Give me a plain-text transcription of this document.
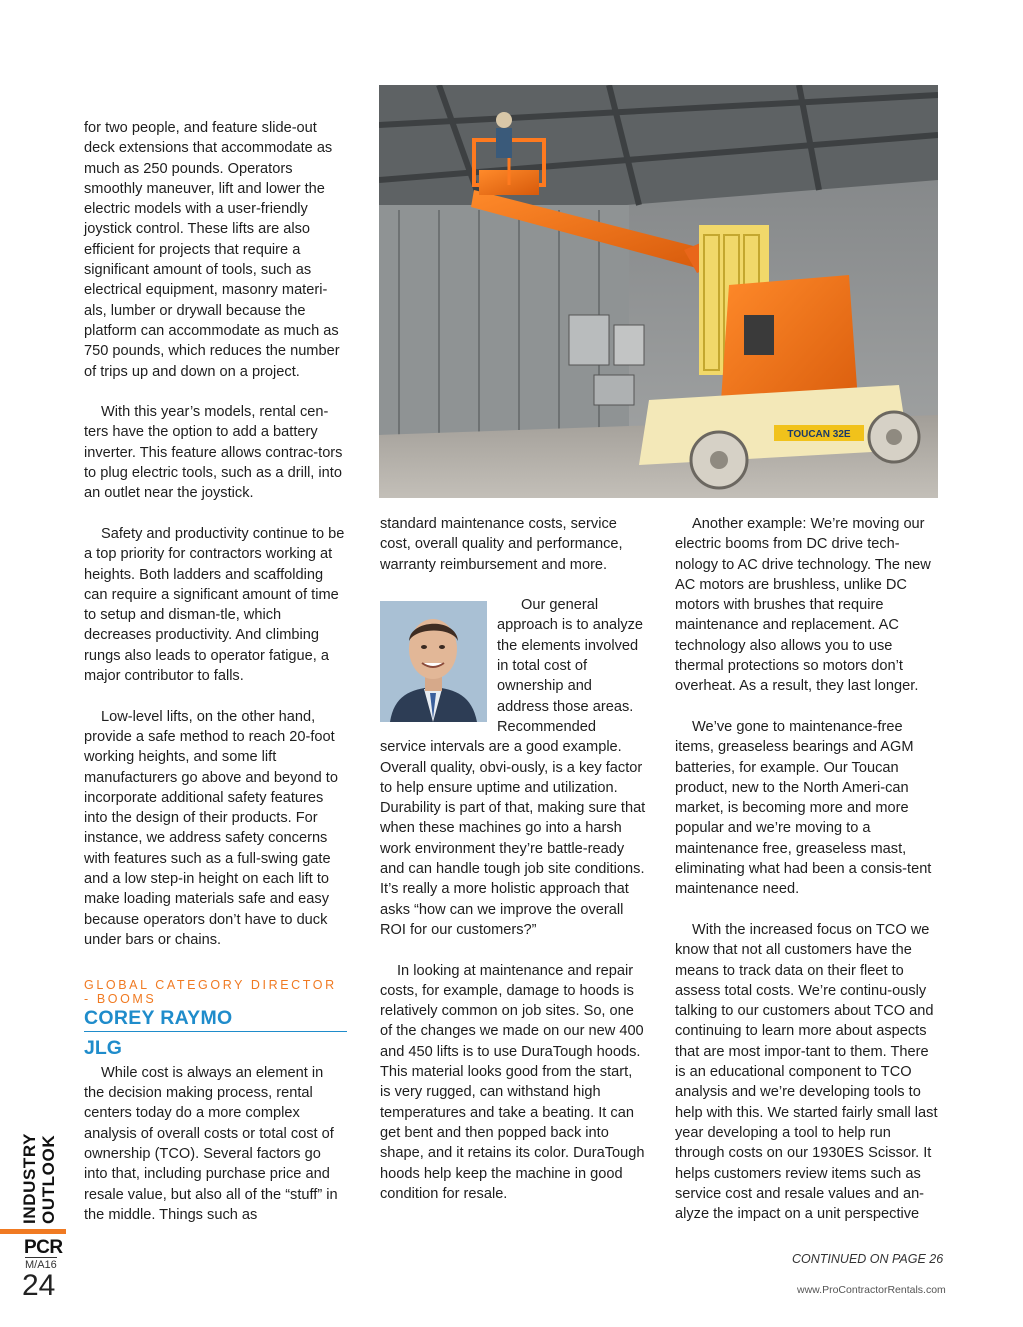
for two people, and feature slide-out deck extensions that accommodate as much as 250 pounds. Operators smoothly maneuver, lift and lower the electric models with a user-friendly joystick control. These lifts are also efficient for projects that require a significant amount of tools, such as electrical equipment, masonry materi-als, lumber or drywall because the platform can accommodate as much as 750 pounds, which reduces the number of trips up and down on a project.

With this year’s models, rental cen-ters have the option to add a battery inverter. This feature allows contrac-tors to plug electric tools, such as a drill, into an outlet near the joystick.

Safety and productivity continue to be a top priority for contractors working at heights. Both ladders and scaffolding can require a significant amount of time to setup and disman-tle, which decreases productivity. And climbing rungs also leads to operator fatigue, a major contributor to falls.

Low-level lifts, on the other hand, provide a safe method to reach 20-foot working heights, and some lift manufacturers go above and beyond to incorporate additional safety features into the design of their products. For instance, we address safety concerns with features such as a full-swing gate and a low step-in height on each lift to make loading materials safe and easy because operators don’t have to duck under bars or chains.

GLOBAL CATEGORY DIRECTOR - BOOMS
COREY RAYMO
JLG

While cost is always an element in the decision making process, rental centers today do a more complex analysis of overall costs or total cost of ownership (TCO). Several factors go into that, including purchase price and resale value, but also all of the “stuff” in the middle. Things such as

TOUCAN 32E

standard maintenance costs, service cost, overall quality and performance, warranty reimbursement and more.

Our general approach is to analyze the elements involved in total cost of ownership and address those areas. Recommended service intervals are a good example. Overall quality, obvi-ously, is a key factor to help ensure uptime and utilization. Durability is part of that, making sure that when these machines go into a harsh work environment they’re battle-ready and can handle tough job site conditions. It’s really a more holistic approach that asks “how can we improve the overall ROI for our customers?”

In looking at maintenance and repair costs, for example, damage to hoods is relatively common on job sites. So, one of the changes we made on our new 400 and 450 lifts is to use DuraTough hoods. This material looks good from the start, is very rugged, can withstand high temperatures and take a beating. It can get bent and then popped back into shape, and it retains its color. DuraTough hoods help keep the machine in good condition for resale.

Another example: We’re moving our electric booms from DC drive tech-nology to AC drive technology. The new AC motors are brushless, unlike DC motors with brushes that require maintenance and replacement. AC technology also allows you to use thermal protections so motors don’t overheat. As a result, they last longer.

We’ve gone to maintenance-free items, greaseless bearings and AGM batteries, for example. Our Toucan product, new to the North Ameri-can market, is becoming more and more popular and we’re moving to a maintenance free, greaseless mast, eliminating what had been a consis-tent maintenance need.

With the increased focus on TCO we know that not all customers have the means to track data on their fleet to assess total costs. We’re continu-ously talking to our customers about TCO and continuing to learn more about aspects that are most impor-tant to them. There is an educational component to TCO analysis and we’re developing tools to help with this. We started fairly small last year developing a tool to help run through costs on our 1930ES Scissor. It helps customers review items such as service cost and resale values and an-alyze the impact on a unit perspective

CONTINUED ON PAGE 26
www.ProContractorRentals.com
INDUSTRY OUTLOOK
PCR
M/A16
24
